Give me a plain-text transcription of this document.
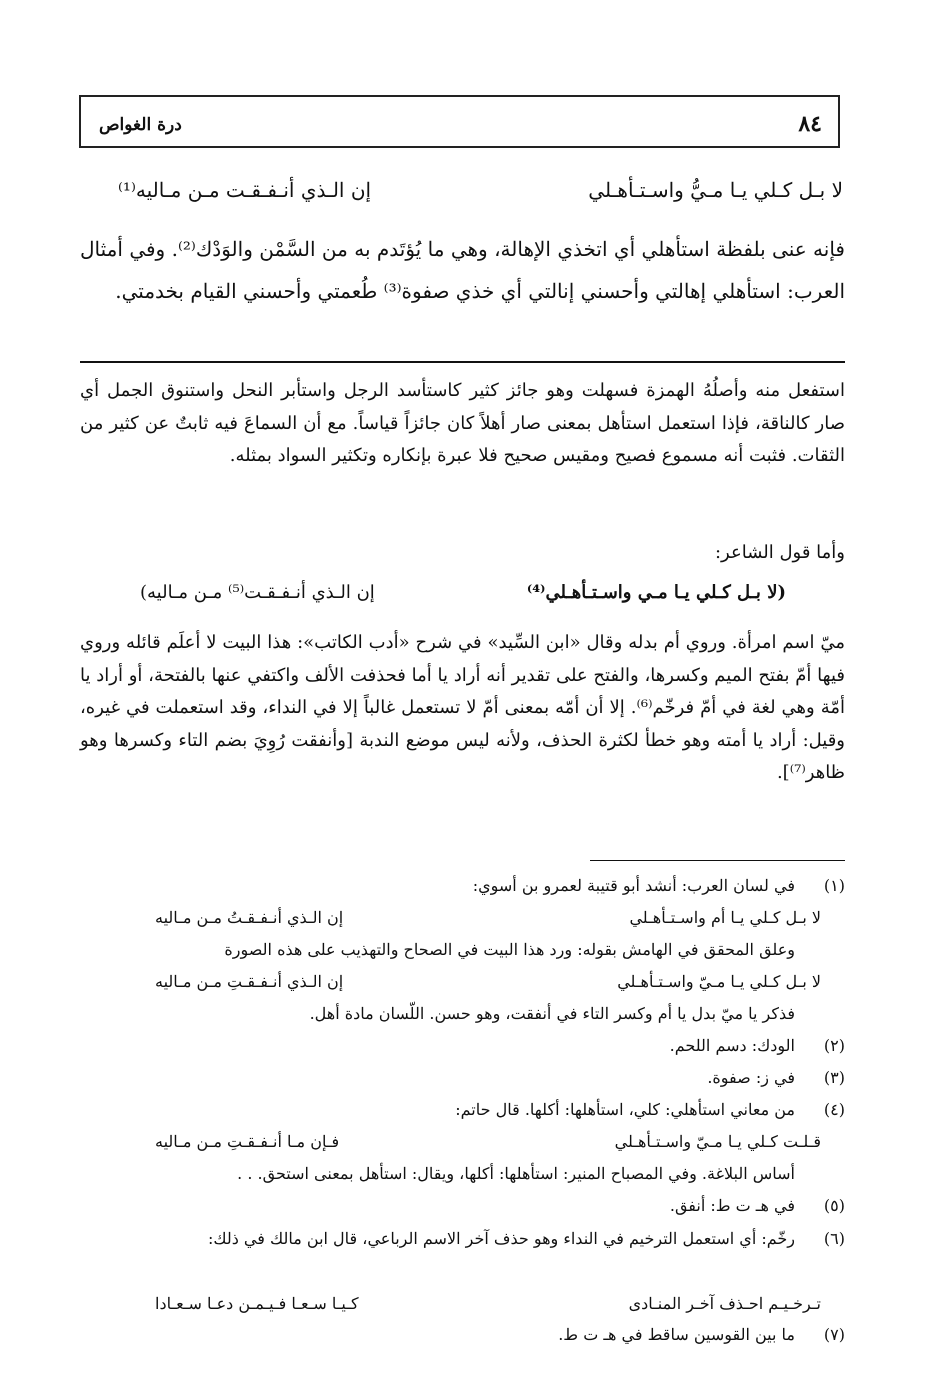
٨٤
درة الغواص
لا بـل كـلي يـا مـيُّ واسـتـأهـلي
إن الـذي أنـفـقـت مـن مـاليه⁽¹⁾
فإنه عنى بلفظة استأهلي أي اتخذي الإهالة، وهي ما يُؤتَدم به من السَّمْن والوَدْك⁽²⁾. وفي أمثال العرب: استأهلي إهالتي وأحسني إنالتي أي خذي صفوة⁽³⁾ طُعمتي وأحسني القيام بخدمتي.
استفعل منه وأصلُهُ الهمزة فسهلت وهو جائز كثير كاستأسد الرجل واستأبر النحل واستنوق الجمل أي صار كالناقة، فإذا استعمل استأهل بمعنى صار أهلاً كان جائزاً قياساً. مع أن السماعَ فيه ثابتٌ عن كثير من الثقات. فثبت أنه مسموع فصيح ومقيس صحيح فلا عبرة بإنكاره وتكثير السواد بمثله.
وأما قول الشاعر:
(لا بـل كـلي يـا مـي واسـتـأهـلي⁽⁴⁾
إن الـذي أنـفـقـت⁽⁵⁾ مـن مـاليه)
ميّ اسم امرأة. وروي أم بدله وقال «ابن السِّيد» في شرح «أدب الكاتب»: هذا البيت لا أعلَم قائله وروي فيها أمّ بفتح الميم وكسرها، والفتح على تقدير أنه أراد يا أما فحذفت الألف واكتفي عنها بالفتحة، أو أراد يا أمّة وهي لغة في أمّ فرخّم⁽⁶⁾. إلا أن أمّه بمعنى أمّ لا تستعمل غالباً إلا في النداء، وقد استعملت في غيره، وقيل: أراد يا أمته وهو خطأ لكثرة الحذف، ولأنه ليس موضع الندبة [وأنفقت رُوِيَ بضم التاء وكسرها وهو ظاهر⁽⁷⁾].
(١)
في لسان العرب: أنشد أبو قتيبة لعمرو بن أسوي:
لا بـل كـلي يـا أم واسـتـأهـلي
إن الـذي أنـفـقـتُ مـن مـاليه
وعلق المحقق في الهامش بقوله: ورد هذا البيت في الصحاح والتهذيب على هذه الصورة
لا بـل كـلي يـا مـيّ واسـتـأهـلي
إن الـذي أنـفـقـتِ مـن مـاليه
فذكر يا ميّ بدل يا أم وكسر التاء في أنفقت، وهو حسن. اللّسان مادة أهل.
(٢)
الودك: دسم اللحم.
(٣)
في ز: صفوة.
(٤)
من معاني استأهلي: كلي، استأهلها: أكلها. قال حاتم:
قـلـت كـلي يـا مـيّ واسـتـأهـلي
فـإن مـا أنـفـقـتِ مـن مـاليه
أساس البلاغة. وفي المصباح المنير: استأهلها: أكلها، ويقال: استأهل بمعنى استحق. . .
(٥)
في هـ ت ط: أنفق.
(٦)
رخّم: أي استعمل الترخيم في النداء وهو حذف آخر الاسم الرباعي، قال ابن مالك في ذلك:
تـرخـيـم احـذف آخـر المنـادى
كـيـا سـعـا فـيـمـن دعـا سـعـادا
(٧)
ما بين القوسين ساقط في هـ ت ط.
